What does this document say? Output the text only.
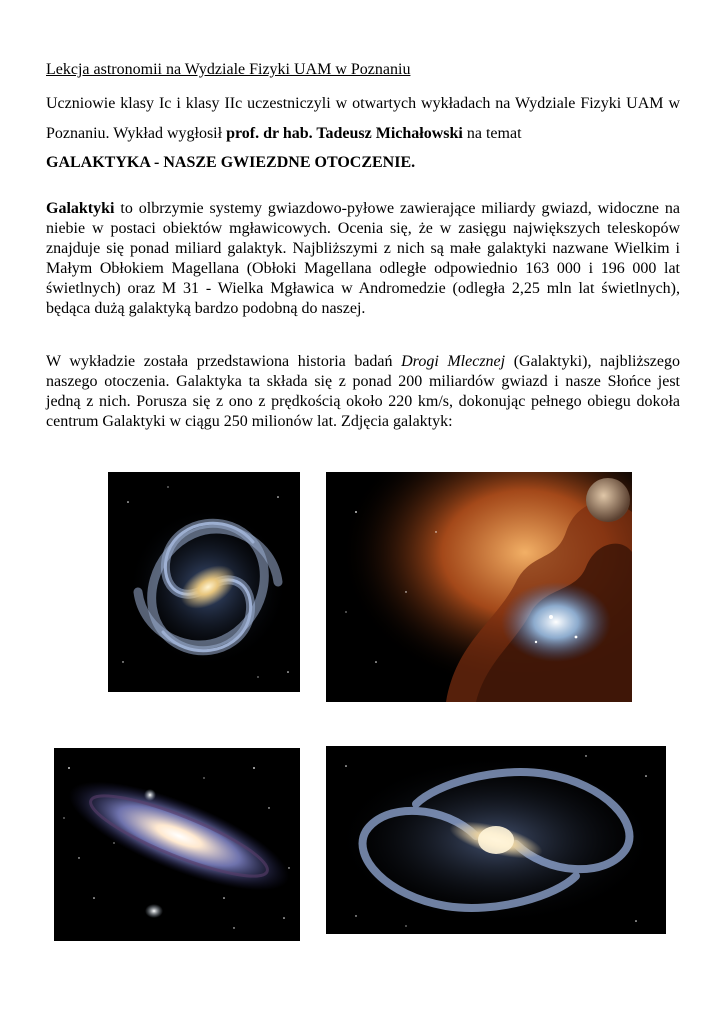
Lekcja astronomii na Wydziale Fizyki UAM w Poznaniu
Uczniowie klasy Ic i klasy IIc uczestniczyli w otwartych wykładach na Wydziale Fizyki UAM w Poznaniu. Wykład wygłosił prof. dr hab. Tadeusz Michałowski na temat
GALAKTYKA - NASZE GWIEZDNE OTOCZENIE.
Galaktyki to olbrzymie systemy gwiazdowo-pyłowe zawierające miliardy gwiazd, widoczne na niebie w postaci obiektów mgławicowych. Ocenia się, że w zasięgu największych teleskopów znajduje się ponad miliard galaktyk. Najbliższymi z nich są małe galaktyki nazwane Wielkim i Małym Obłokiem Magellana (Obłoki Magellana odległe odpowiednio 163 000 i 196 000 lat świetlnych) oraz M 31 - Wielka Mgławica w Andromedzie (odległa 2,25 mln lat świetlnych), będąca dużą galaktyką bardzo podobną do naszej.
W wykładzie została przedstawiona historia badań Drogi Mlecznej (Galaktyki), najbliższego naszego otoczenia. Galaktyka ta składa się z ponad 200 miliardów gwiazd i nasze Słońce jest jedną z nich. Porusza się z ono z prędkością około 220 km/s, dokonując pełnego obiegu dokoła centrum Galaktyki w ciągu 250 milionów lat. Zdjęcia galaktyk:
